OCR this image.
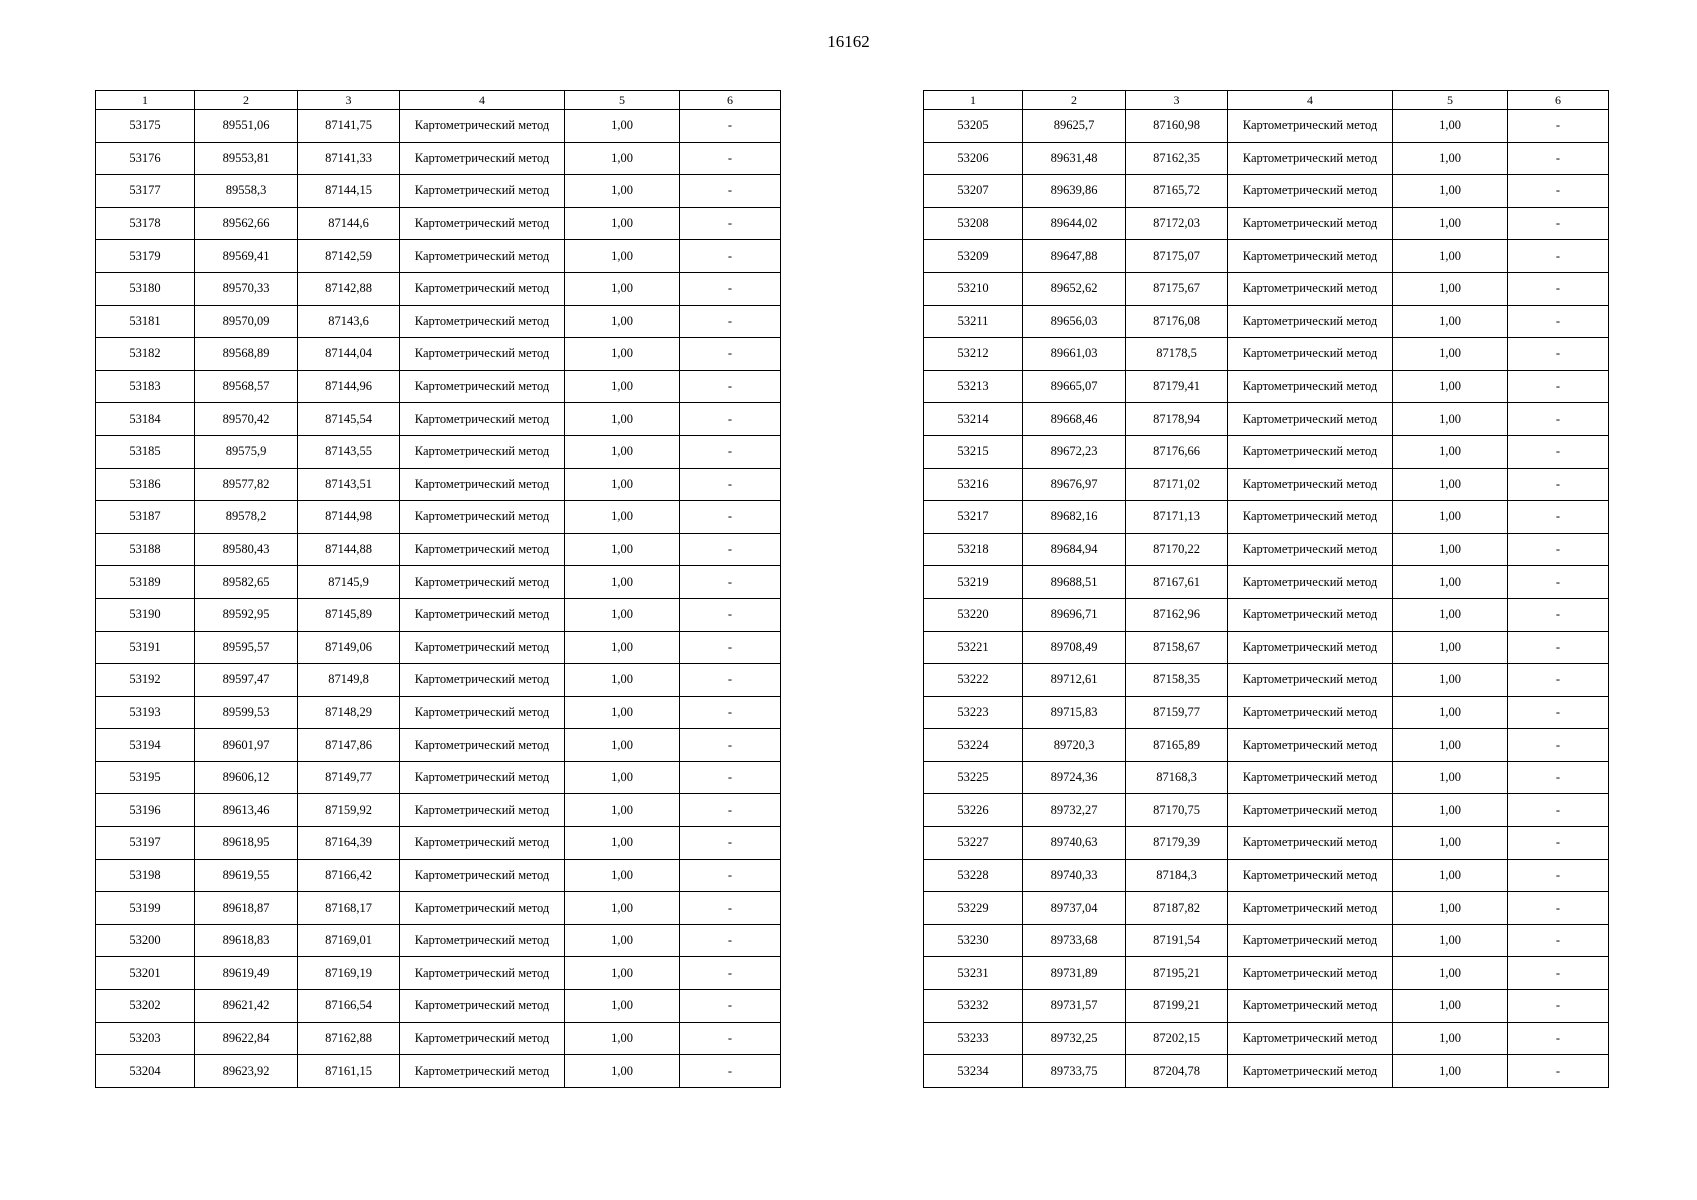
16162
1	2	3	4	5	6
53175	89551,06	87141,75	Картометрический метод	1,00	-
53176	89553,81	87141,33	Картометрический метод	1,00	-
53177	89558,3	87144,15	Картометрический метод	1,00	-
53178	89562,66	87144,6	Картометрический метод	1,00	-
53179	89569,41	87142,59	Картометрический метод	1,00	-
53180	89570,33	87142,88	Картометрический метод	1,00	-
53181	89570,09	87143,6	Картометрический метод	1,00	-
53182	89568,89	87144,04	Картометрический метод	1,00	-
53183	89568,57	87144,96	Картометрический метод	1,00	-
53184	89570,42	87145,54	Картометрический метод	1,00	-
53185	89575,9	87143,55	Картометрический метод	1,00	-
53186	89577,82	87143,51	Картометрический метод	1,00	-
53187	89578,2	87144,98	Картометрический метод	1,00	-
53188	89580,43	87144,88	Картометрический метод	1,00	-
53189	89582,65	87145,9	Картометрический метод	1,00	-
53190	89592,95	87145,89	Картометрический метод	1,00	-
53191	89595,57	87149,06	Картометрический метод	1,00	-
53192	89597,47	87149,8	Картометрический метод	1,00	-
53193	89599,53	87148,29	Картометрический метод	1,00	-
53194	89601,97	87147,86	Картометрический метод	1,00	-
53195	89606,12	87149,77	Картометрический метод	1,00	-
53196	89613,46	87159,92	Картометрический метод	1,00	-
53197	89618,95	87164,39	Картометрический метод	1,00	-
53198	89619,55	87166,42	Картометрический метод	1,00	-
53199	89618,87	87168,17	Картометрический метод	1,00	-
53200	89618,83	87169,01	Картометрический метод	1,00	-
53201	89619,49	87169,19	Картометрический метод	1,00	-
53202	89621,42	87166,54	Картометрический метод	1,00	-
53203	89622,84	87162,88	Картометрический метод	1,00	-
53204	89623,92	87161,15	Картометрический метод	1,00	-
1	2	3	4	5	6
53205	89625,7	87160,98	Картометрический метод	1,00	-
53206	89631,48	87162,35	Картометрический метод	1,00	-
53207	89639,86	87165,72	Картометрический метод	1,00	-
53208	89644,02	87172,03	Картометрический метод	1,00	-
53209	89647,88	87175,07	Картометрический метод	1,00	-
53210	89652,62	87175,67	Картометрический метод	1,00	-
53211	89656,03	87176,08	Картометрический метод	1,00	-
53212	89661,03	87178,5	Картометрический метод	1,00	-
53213	89665,07	87179,41	Картометрический метод	1,00	-
53214	89668,46	87178,94	Картометрический метод	1,00	-
53215	89672,23	87176,66	Картометрический метод	1,00	-
53216	89676,97	87171,02	Картометрический метод	1,00	-
53217	89682,16	87171,13	Картометрический метод	1,00	-
53218	89684,94	87170,22	Картометрический метод	1,00	-
53219	89688,51	87167,61	Картометрический метод	1,00	-
53220	89696,71	87162,96	Картометрический метод	1,00	-
53221	89708,49	87158,67	Картометрический метод	1,00	-
53222	89712,61	87158,35	Картометрический метод	1,00	-
53223	89715,83	87159,77	Картометрический метод	1,00	-
53224	89720,3	87165,89	Картометрический метод	1,00	-
53225	89724,36	87168,3	Картометрический метод	1,00	-
53226	89732,27	87170,75	Картометрический метод	1,00	-
53227	89740,63	87179,39	Картометрический метод	1,00	-
53228	89740,33	87184,3	Картометрический метод	1,00	-
53229	89737,04	87187,82	Картометрический метод	1,00	-
53230	89733,68	87191,54	Картометрический метод	1,00	-
53231	89731,89	87195,21	Картометрический метод	1,00	-
53232	89731,57	87199,21	Картометрический метод	1,00	-
53233	89732,25	87202,15	Картометрический метод	1,00	-
53234	89733,75	87204,78	Картометрический метод	1,00	-
